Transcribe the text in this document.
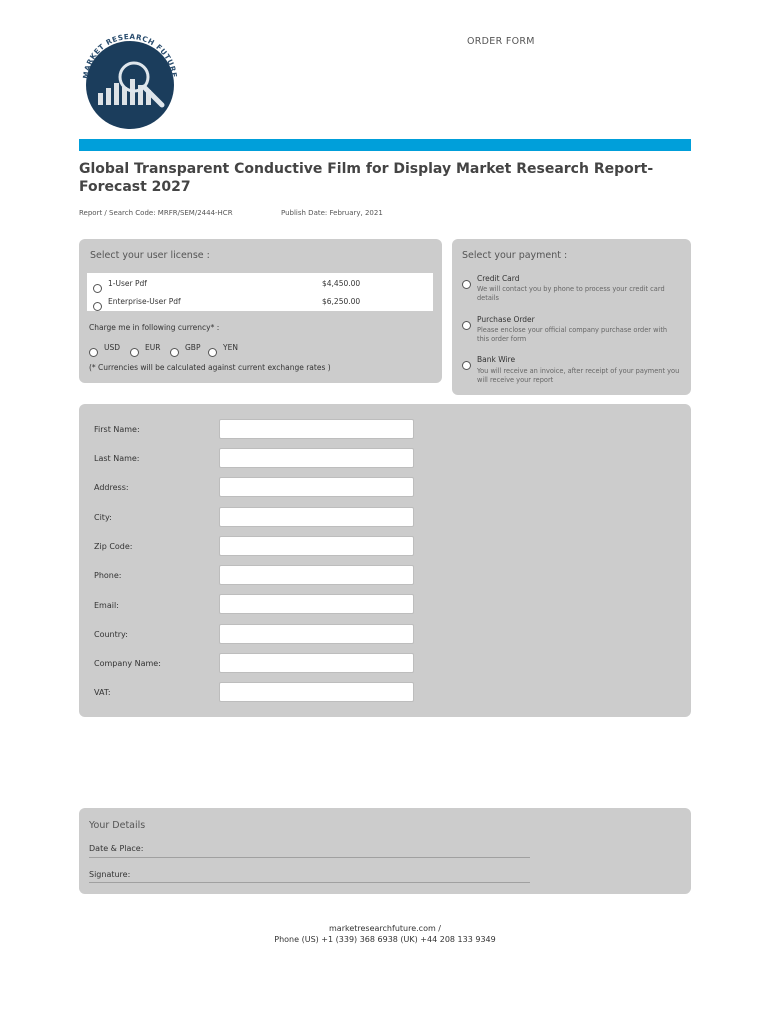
MARKET RESEARCH FUTURE
ORDER FORM
Global Transparent Conductive Film for Display Market Research Report-Forecast 2027
Report / Search Code: MRFR/SEM/2444-HCR	Publish Date: February, 2021
Select your user license :
1-User Pdf	$4,450.00
Enterprise-User Pdf	$6,250.00
Charge me in following currency* :
USD	EUR	GBP	YEN
(* Currencies will be calculated against current exchange rates )
Select your payment :
Credit Card
We will contact you by phone to process your credit card details
Purchase Order
Please enclose your official company purchase order with this order form
Bank Wire
You will receive an invoice, after receipt of your payment you will receive your report
First Name:
Last Name:
Address:
City:
Zip Code:
Phone:
Email:
Country:
Company Name:
VAT:
Your Details
Date & Place:
Signature:
marketresearchfuture.com /
Phone (US) +1 (339) 368 6938 (UK) +44 208 133 9349
